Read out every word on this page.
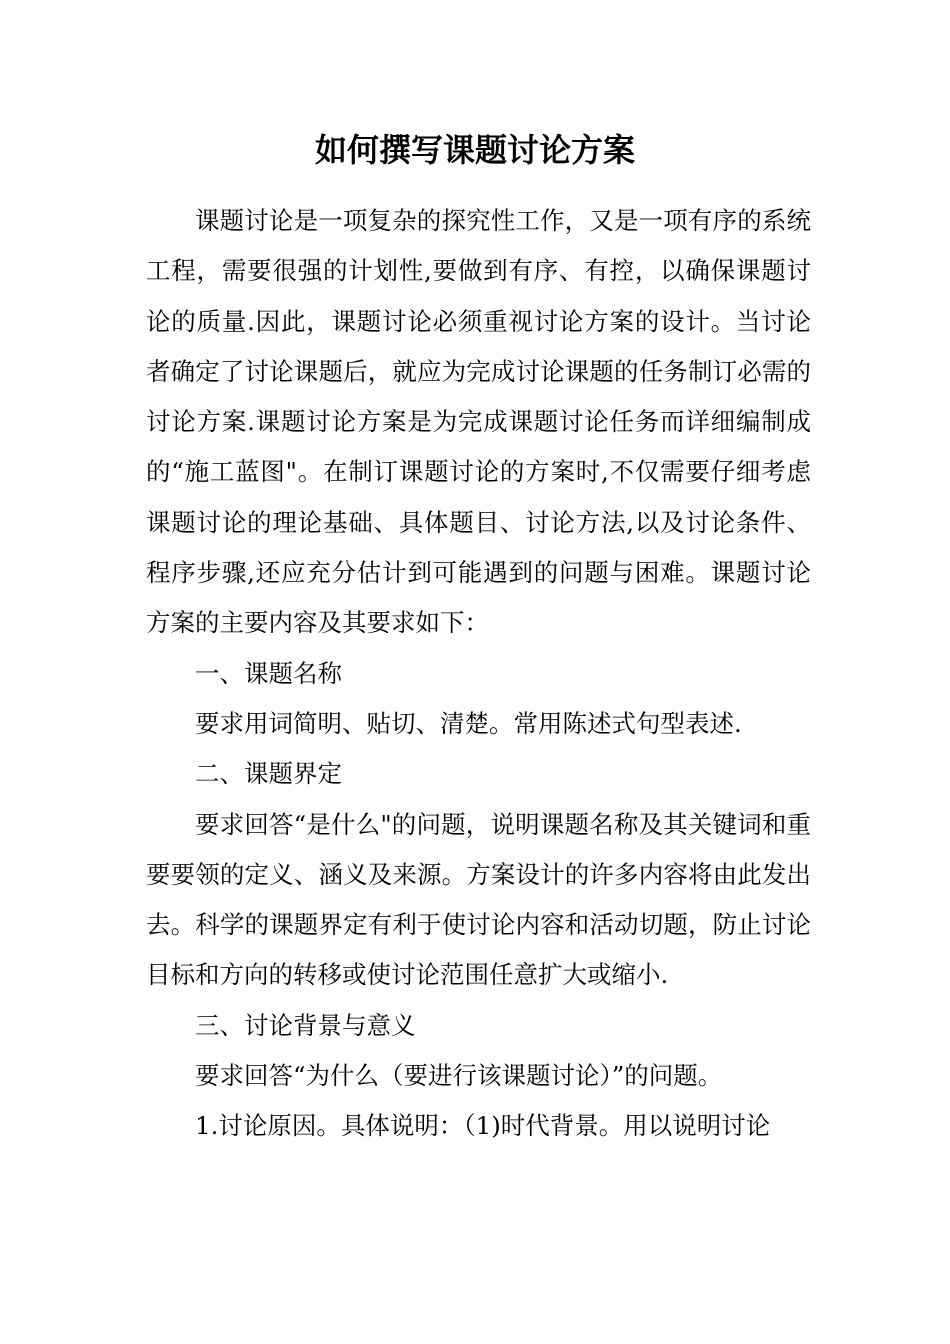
如何撰写课题讨论方案

课题讨论是一项复杂的探究性工作，又是一项有序的系统工程，需要很强的计划性,要做到有序、有控，以确保课题讨论的质量.因此，课题讨论必须重视讨论方案的设计。当讨论者确定了讨论课题后，就应为完成讨论课题的任务制订必需的讨论方案.课题讨论方案是为完成课题讨论任务而详细编制成的“施工蓝图"。在制订课题讨论的方案时,不仅需要仔细考虑课题讨论的理论基础、具体题目、讨论方法,以及讨论条件、程序步骤,还应充分估计到可能遇到的问题与困难。课题讨论方案的主要内容及其要求如下：

一、课题名称

要求用词简明、贴切、清楚。常用陈述式句型表述.

二、课题界定

要求回答“是什么"的问题，说明课题名称及其关键词和重要要领的定义、涵义及来源。方案设计的许多内容将由此发出去。科学的课题界定有利于使讨论内容和活动切题，防止讨论目标和方向的转移或使讨论范围任意扩大或缩小.

三、讨论背景与意义

要求回答“为什么（要进行该课题讨论）”的问题。

1.讨论原因。具体说明：（1)时代背景。用以说明讨论
